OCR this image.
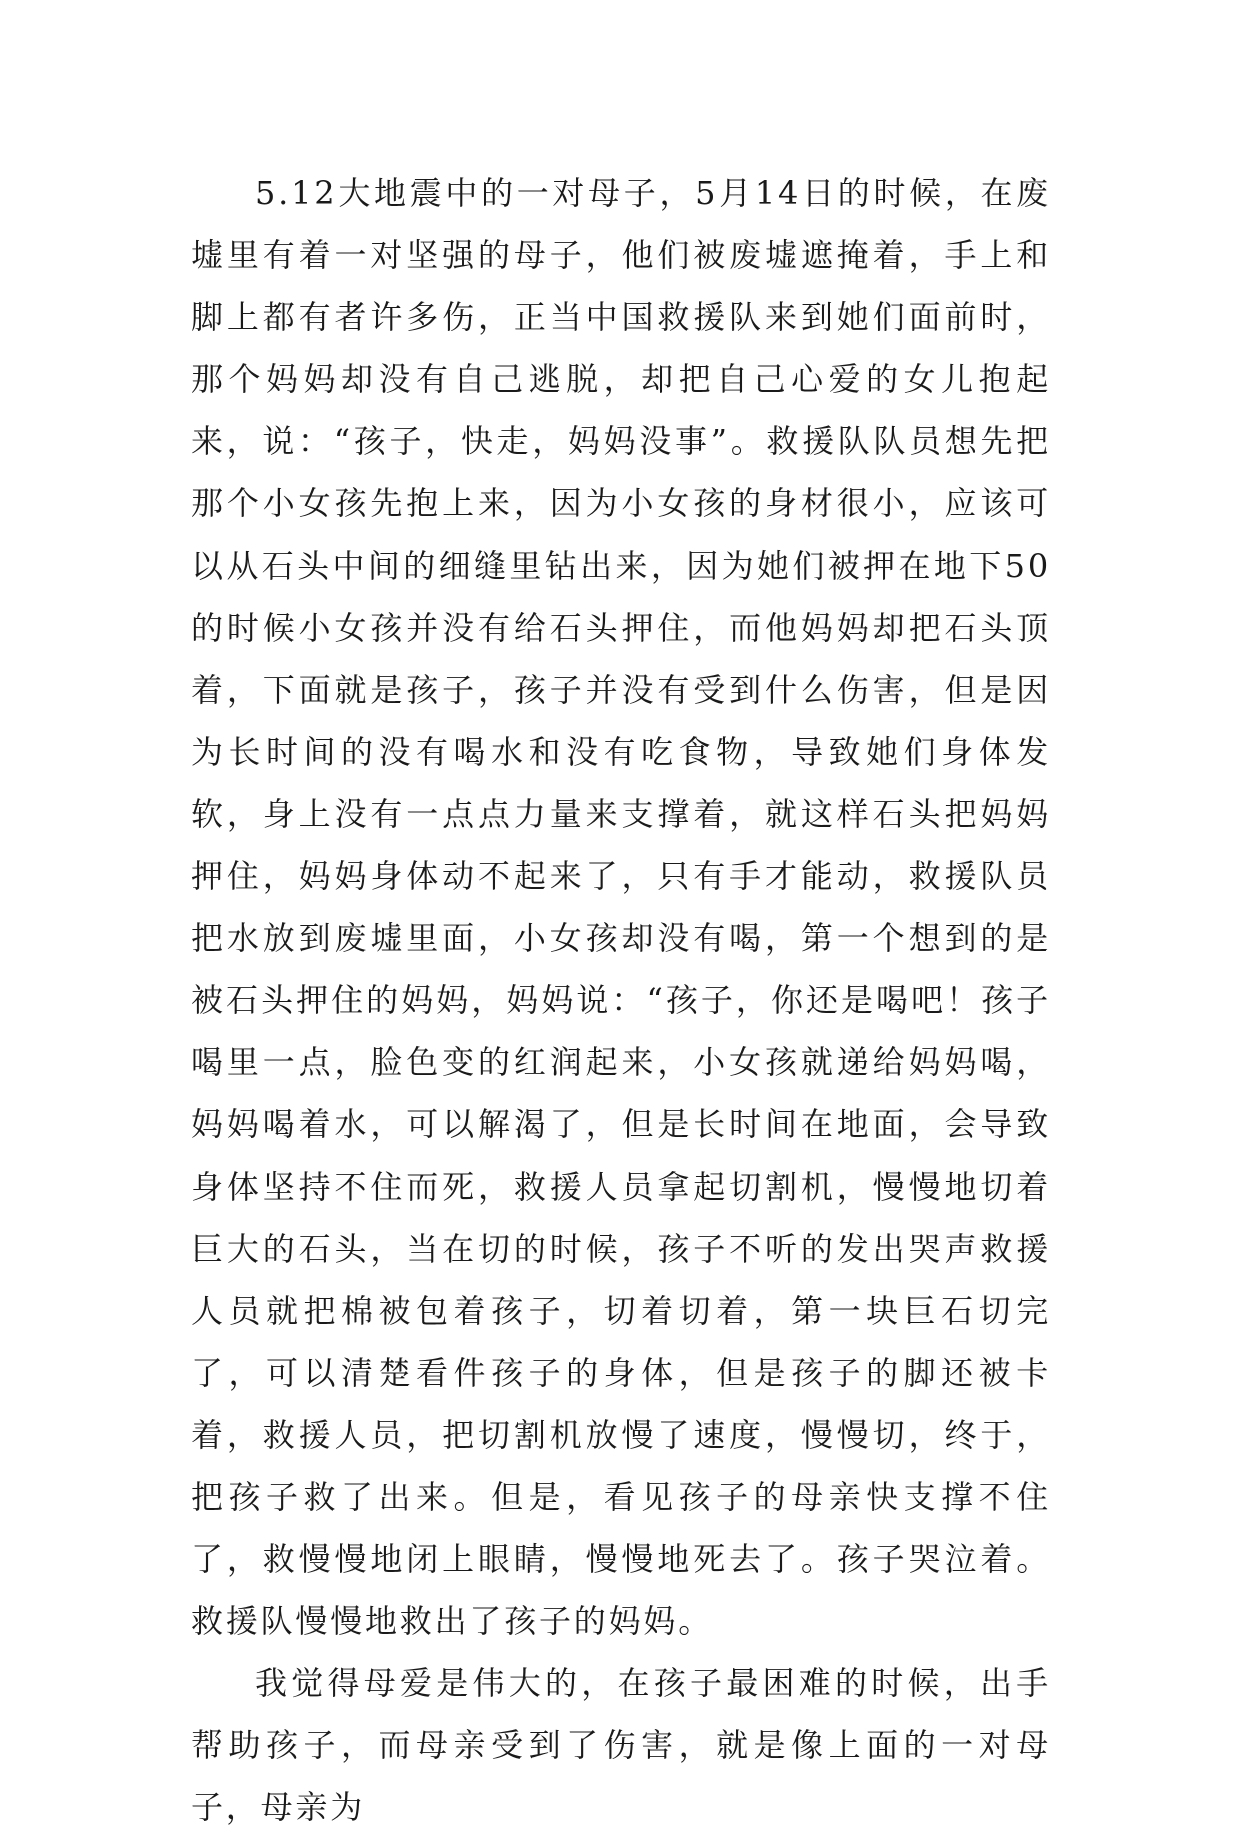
5.12大地震中的一对母子，5月14日的时候，在废墟里有着一对坚强的母子，他们被废墟遮掩着，手上和脚上都有者许多伤，正当中国救援队来到她们面前时，那个妈妈却没有自己逃脱，却把自己心爱的女儿抱起来，说：“孩子，快走，妈妈没事”。救援队队员想先把那个小女孩先抱上来，因为小女孩的身材很小，应该可以从石头中间的细缝里钻出来，因为她们被押在地下50的时候小女孩并没有给石头押住，而他妈妈却把石头顶着，下面就是孩子，孩子并没有受到什么伤害，但是因为长时间的没有喝水和没有吃食物，导致她们身体发软，身上没有一点点力量来支撑着，就这样石头把妈妈押住，妈妈身体动不起来了，只有手才能动，救援队员把水放到废墟里面，小女孩却没有喝，第一个想到的是被石头押住的妈妈，妈妈说：“孩子，你还是喝吧！孩子喝里一点，脸色变的红润起来，小女孩就递给妈妈喝，妈妈喝着水，可以解渴了，但是长时间在地面，会导致身体坚持不住而死，救援人员拿起切割机，慢慢地切着巨大的石头，当在切的时候，孩子不听的发出哭声救援人员就把棉被包着孩子，切着切着，第一块巨石切完了，可以清楚看件孩子的身体，但是孩子的脚还被卡着，救援人员，把切割机放慢了速度，慢慢切，终于，把孩子救了出来。但是，看见孩子的母亲快支撑不住了，救慢慢地闭上眼睛，慢慢地死去了。孩子哭泣着。救援队慢慢地救出了孩子的妈妈。

我觉得母爱是伟大的，在孩子最困难的时候，出手帮助孩子，而母亲受到了伤害，就是像上面的一对母子，母亲为
